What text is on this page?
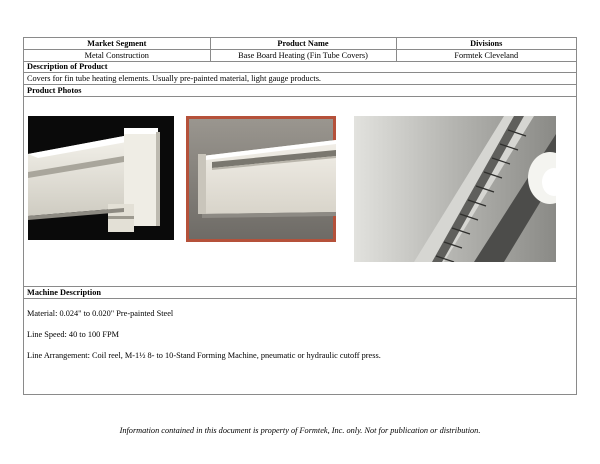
Market Segment	Product Name	Divisions
Metal Construction	Base Board Heating (Fin Tube Covers)	Formtek Cleveland
Description of Product
Covers for fin tube heating elements. Usually pre-painted material, light gauge products.
Product Photos
Machine Description

Material: 0.024" to 0.020" Pre-painted Steel

Line Speed: 40 to 100 FPM

Line Arrangement: Coil reel, M-1½ 8- to 10-Stand Forming Machine, pneumatic or hydraulic cutoff press.

Information contained in this document is property of Formtek, Inc. only. Not for publication or distribution.
